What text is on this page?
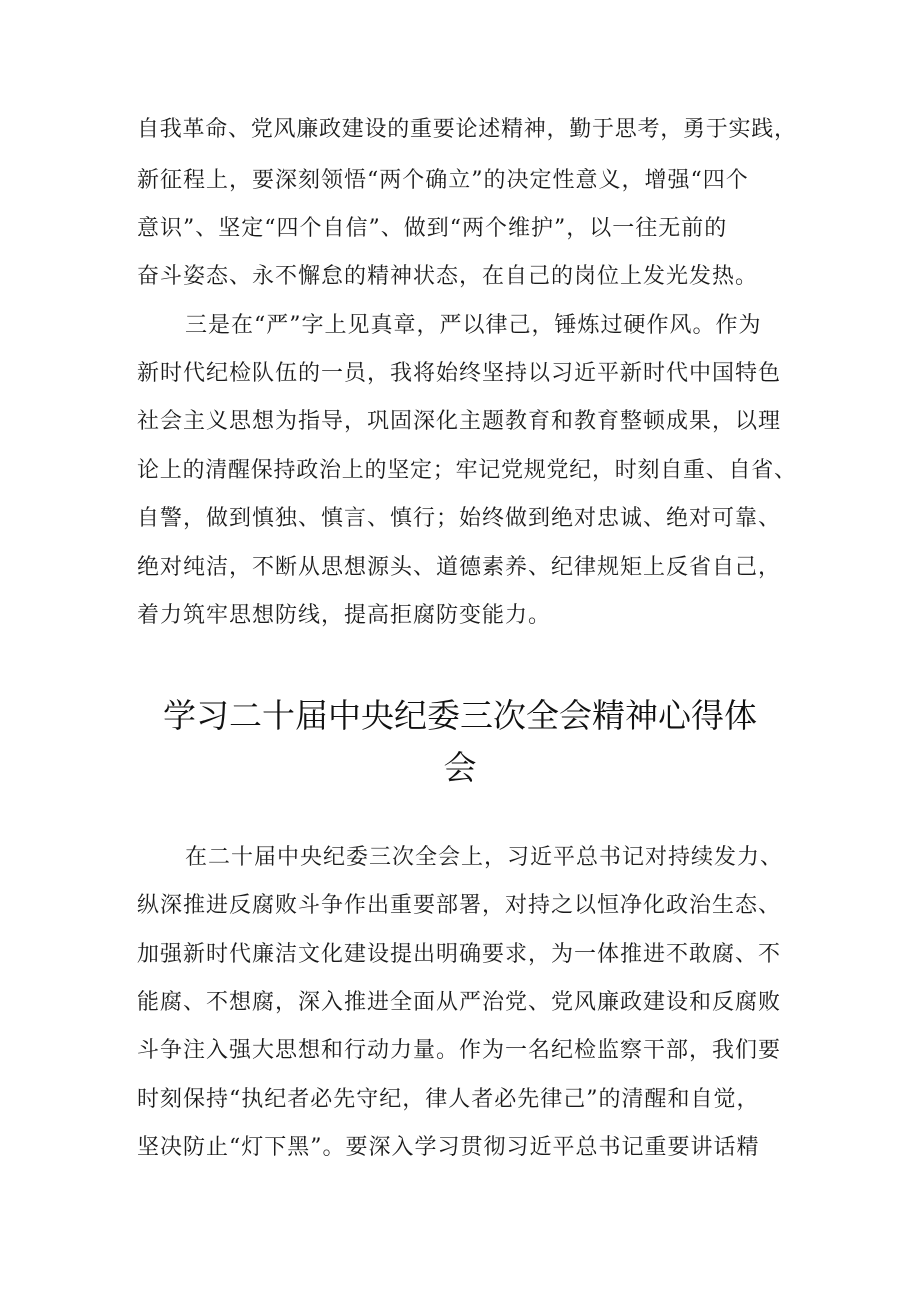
自我革命、党风廉政建设的重要论述精神，勤于思考，勇于实践，
新征程上，要深刻领悟“两个确立”的决定性意义，增强“四个
意识”、坚定“四个自信”、做到“两个维护”，以一往无前的
奋斗姿态、永不懈怠的精神状态，在自己的岗位上发光发热。
三是在“严”字上见真章，严以律己，锤炼过硬作风。作为
新时代纪检队伍的一员，我将始终坚持以习近平新时代中国特色
社会主义思想为指导，巩固深化主题教育和教育整顿成果，以理
论上的清醒保持政治上的坚定；牢记党规党纪，时刻自重、自省、
自警，做到慎独、慎言、慎行；始终做到绝对忠诚、绝对可靠、
绝对纯洁，不断从思想源头、道德素养、纪律规矩上反省自己，
着力筑牢思想防线，提高拒腐防变能力。
学习二十届中央纪委三次全会精神心得体
会
在二十届中央纪委三次全会上，习近平总书记对持续发力、
纵深推进反腐败斗争作出重要部署，对持之以恒净化政治生态、
加强新时代廉洁文化建设提出明确要求，为一体推进不敢腐、不
能腐、不想腐，深入推进全面从严治党、党风廉政建设和反腐败
斗争注入强大思想和行动力量。作为一名纪检监察干部，我们要
时刻保持“执纪者必先守纪，律人者必先律己”的清醒和自觉，
坚决防止“灯下黑”。要深入学习贯彻习近平总书记重要讲话精
